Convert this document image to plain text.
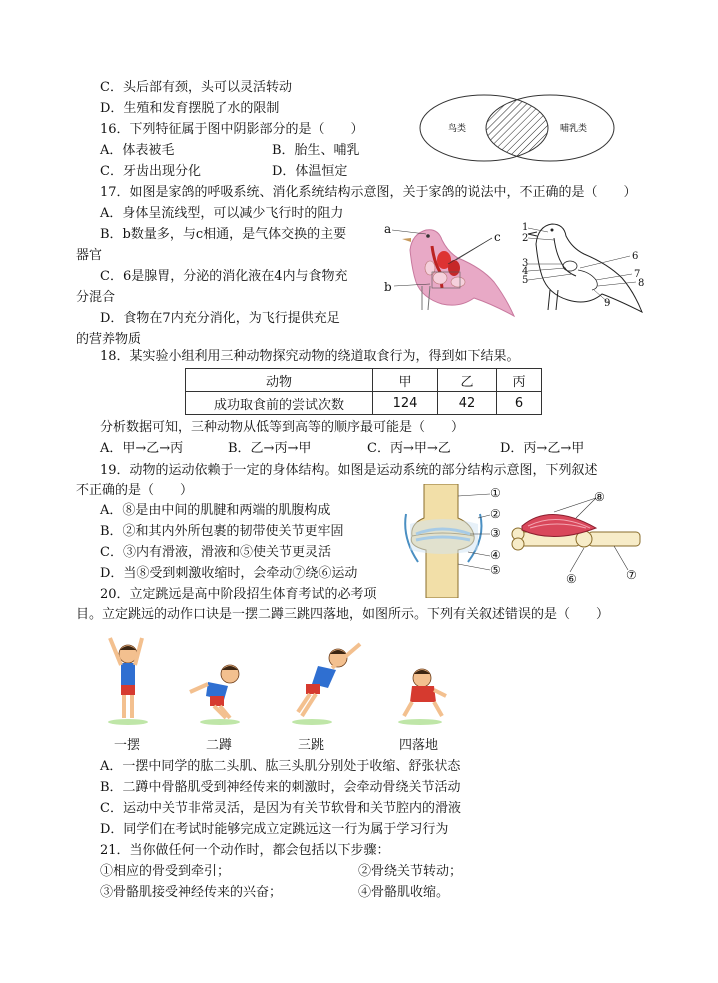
C．头后部有颈，头可以灵活转动
D．生殖和发育摆脱了水的限制
16．下列特征属于图中阴影部分的是（　　）
A．体表被毛	B．胎生、哺乳
C．牙齿出现分化	D．体温恒定
鸟类	哺乳类
17．如图是家鸽的呼吸系统、消化系统结构示意图，关于家鸽的说法中，不正确的是（　　）
A．身体呈流线型，可以减少飞行时的阻力
B．b数量多，与c相通，是气体交换的主要
器官
C．6是腺胃，分泌的消化液在4内与食物充
分混合
D．食物在7内充分消化，为飞行提供充足
的营养物质
a
b
c
1
2
3
4
5
6
7
8
9
18．某实验小组利用三种动物探究动物的绕道取食行为，得到如下结果。
动物	甲	乙	丙
成功取食前的尝试次数	124	42	6
分析数据可知，三种动物从低等到高等的顺序最可能是（　　）
A．甲→乙→丙	B．乙→丙→甲	C．丙→甲→乙	D．丙→乙→甲
19．动物的运动依赖于一定的身体结构。如图是运动系统的部分结构示意图，下列叙述
不正确的是（　　）
A．⑧是由中间的肌腱和两端的肌腹构成
B．②和其内外所包裹的韧带使关节更牢固
C．③内有滑液，滑液和⑤使关节更灵活
D．当⑧受到刺激收缩时，会牵动⑦绕⑥运动
①
②
③
④
⑤
⑧
⑥	⑦
20．立定跳远是高中阶段招生体育考试的必考项
目。立定跳远的动作口诀是一摆二蹲三跳四落地，如图所示。下列有关叙述错误的是（　　）
一摆	二蹲	三跳	四落地
A．一摆中同学的肱二头肌、肱三头肌分别处于收缩、舒张状态
B．二蹲中骨骼肌受到神经传来的刺激时，会牵动骨绕关节活动
C．运动中关节非常灵活，是因为有关节软骨和关节腔内的滑液
D．同学们在考试时能够完成立定跳远这一行为属于学习行为
21．当你做任何一个动作时，都会包括以下步骤：
①相应的骨受到牵引；	②骨绕关节转动；
③骨骼肌接受神经传来的兴奋；	④骨骼肌收缩。
